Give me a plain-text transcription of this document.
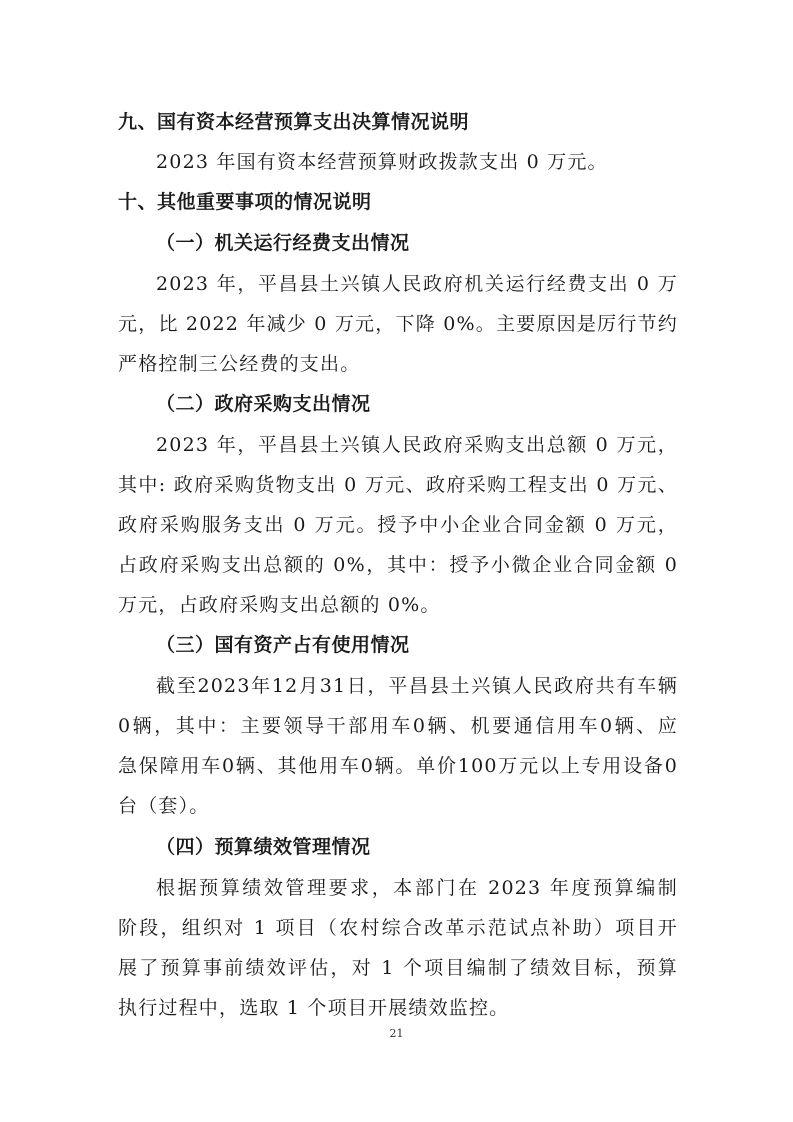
九、国有资本经营预算支出决算情况说明
2023 年国有资本经营预算财政拨款支出 0 万元。
十、其他重要事项的情况说明
（一）机关运行经费支出情况
2023 年，平昌县土兴镇人民政府机关运行经费支出 0 万
元，比 2022 年减少 0 万元，下降 0%。主要原因是厉行节约
严格控制三公经费的支出。
（二）政府采购支出情况
2023 年，平昌县土兴镇人民政府采购支出总额 0 万元，
其中: 政府采购货物支出 0 万元、政府采购工程支出 0 万元、
政府采购服务支出 0 万元。授予中小企业合同金额 0 万元，
占政府采购支出总额的 0%，其中：授予小微企业合同金额 0
万元，占政府采购支出总额的 0%。
（三）国有资产占有使用情况
截至2023年12月31日，平昌县土兴镇人民政府共有车辆
0辆，其中：主要领导干部用车0辆、机要通信用车0辆、应
急保障用车0辆、其他用车0辆。单价100万元以上专用设备0
台（套）。
（四）预算绩效管理情况
根据预算绩效管理要求，本部门在 2023 年度预算编制
阶段，组织对 1 项目（农村综合改革示范试点补助）项目开
展了预算事前绩效评估，对 1 个项目编制了绩效目标，预算
执行过程中，选取 1 个项目开展绩效监控。
21
